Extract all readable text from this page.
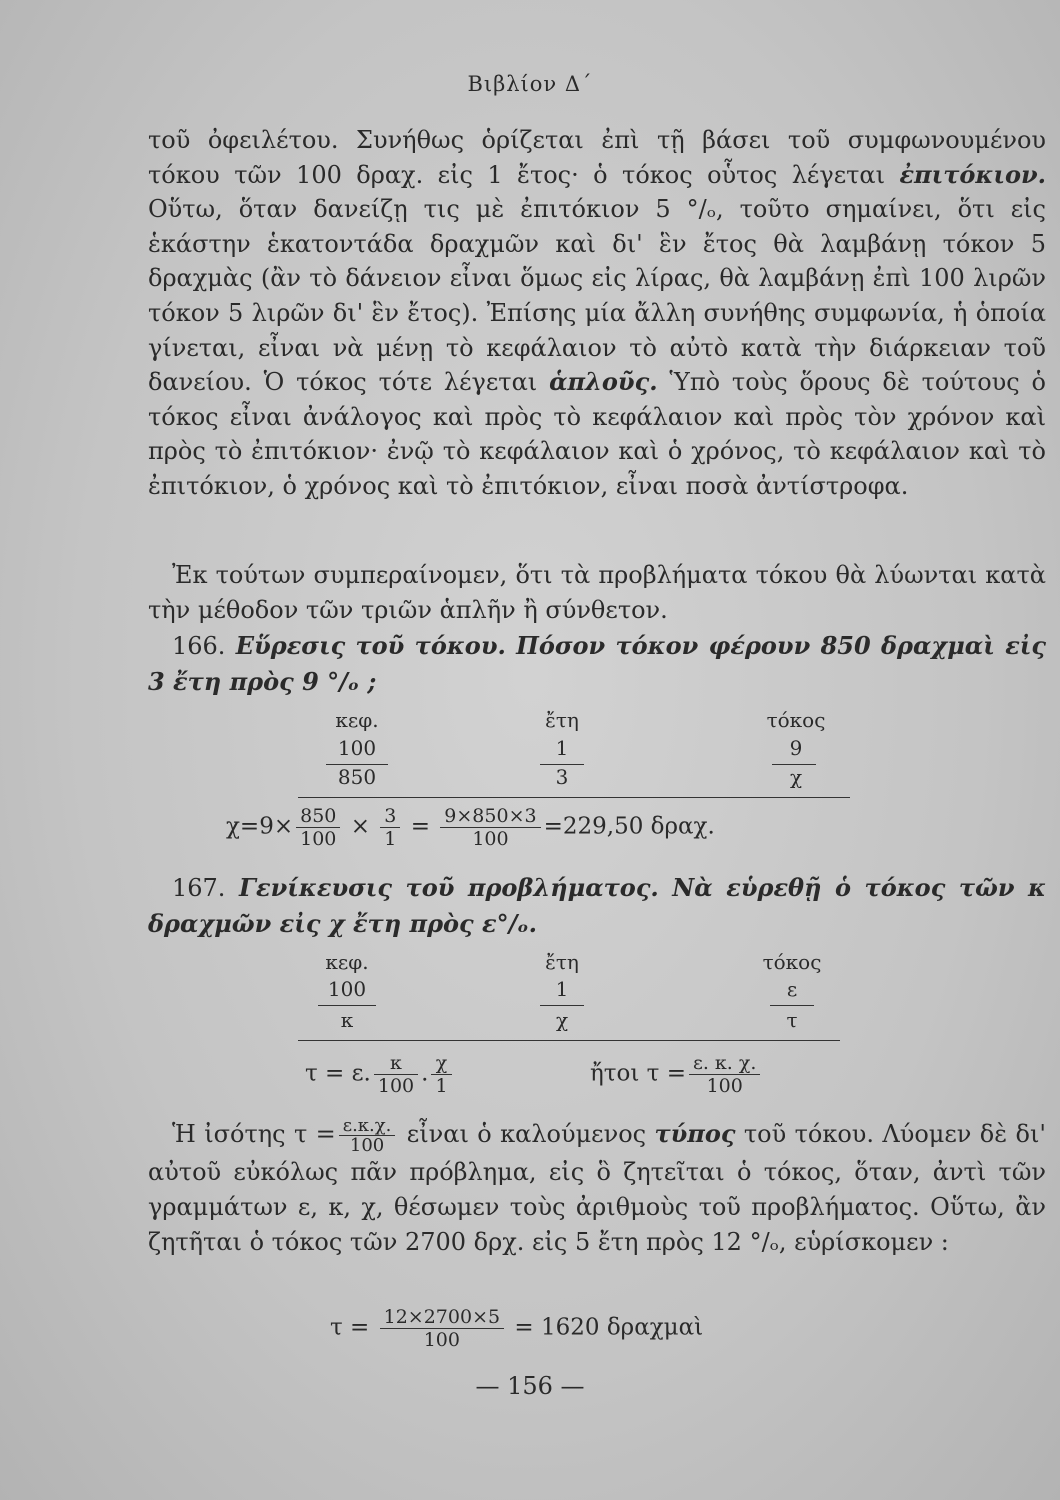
Βιβλίον Δ΄

τοῦ ὀφειλέτου. Συνήθως ὁρίζεται ἐπὶ τῇ βάσει τοῦ συμφωνουμένου τόκου τῶν 100 δραχ. εἰς 1 ἔτος· ὁ τόκος οὗτος λέγεται ἐπιτόκιον. Οὕτω, ὅταν δανείζῃ τις μὲ ἐπιτόκιον 5 °/ₒ, τοῦτο σημαίνει, ὅτι εἰς ἑκάστην ἑκατοντάδα δραχμῶν καὶ δι' ἓν ἔτος θὰ λαμβάνῃ τόκον 5 δραχμὰς (ἂν τὸ δάνειον εἶναι ὅμως εἰς λίρας, θὰ λαμβάνῃ ἐπὶ 100 λιρῶν τόκον 5 λιρῶν δι' ἓν ἔτος). Ἐπίσης μία ἄλλη συνήθης συμφωνία, ἡ ὁποία γίνεται, εἶναι νὰ μένῃ τὸ κεφάλαιον τὸ αὐτὸ κατὰ τὴν διάρκειαν τοῦ δανείου. Ὁ τόκος τότε λέγεται ἁπλοῦς. Ὑπὸ τοὺς ὅρους δὲ τούτους ὁ τόκος εἶναι ἀνάλογος καὶ πρὸς τὸ κεφάλαιον καὶ πρὸς τὸν χρόνον καὶ πρὸς τὸ ἐπιτόκιον· ἐνῷ τὸ κεφάλαιον καὶ ὁ χρόνος, τὸ κεφάλαιον καὶ τὸ ἐπιτόκιον, ὁ χρόνος καὶ τὸ ἐπιτόκιον, εἶναι ποσὰ ἀντίστροφα.

Ἐκ τούτων συμπεραίνομεν, ὅτι τὰ προβλήματα τόκου θὰ λύωνται κατὰ τὴν μέθοδον τῶν τριῶν ἁπλῆν ἢ σύνθετον.

166. Εὕρεσις τοῦ τόκου. Πόσον τόκον φέρουν 850 δραχμαὶ εἰς 3 ἔτη πρὸς 9 °/ₒ ;

κεφ.	ἔτη	τόκος
100	1	9
850	3	χ
$\chi=9\times \frac{850}{100} \times \frac{3}{1} = \frac{9\times 850\times 3}{100} =229,50$ δραχ.

167. Γενίκευσις τοῦ προβλήματος. Νὰ εὑρεθῇ ὁ τόκος τῶν κ δραχμῶν εἰς χ ἔτη πρὸς ε°/ₒ.

κεφ.	ἔτη	τόκος
100	1	ε
κ	χ	τ
τ = ε. $\frac{\kappa}{100}$ . $\frac{\chi}{1}$	ἤτοι $\tau = \frac{\varepsilon. \kappa. \chi.}{100}$

Ἡ ἰσότης $\tau = \frac{\varepsilon.\kappa.\chi.}{100}$ εἶναι ὁ καλούμενος τύπος τοῦ τόκου. Λύομεν δὲ δι' αὐτοῦ εὐκόλως πᾶν πρόβλημα, εἰς ὃ ζητεῖται ὁ τόκος, ὅταν, ἀντὶ τῶν γραμμάτων ε, κ, χ, θέσωμεν τοὺς ἀριθμοὺς τοῦ προβλήματος. Οὕτω, ἂν ζητῆται ὁ τόκος τῶν 2700 δρχ. εἰς 5 ἔτη πρὸς 12 °/ₒ, εὑρίσκομεν :

$\tau = \frac{12\times 2700\times 5}{100} = 1620$ δραχμαὶ
— 156 —
